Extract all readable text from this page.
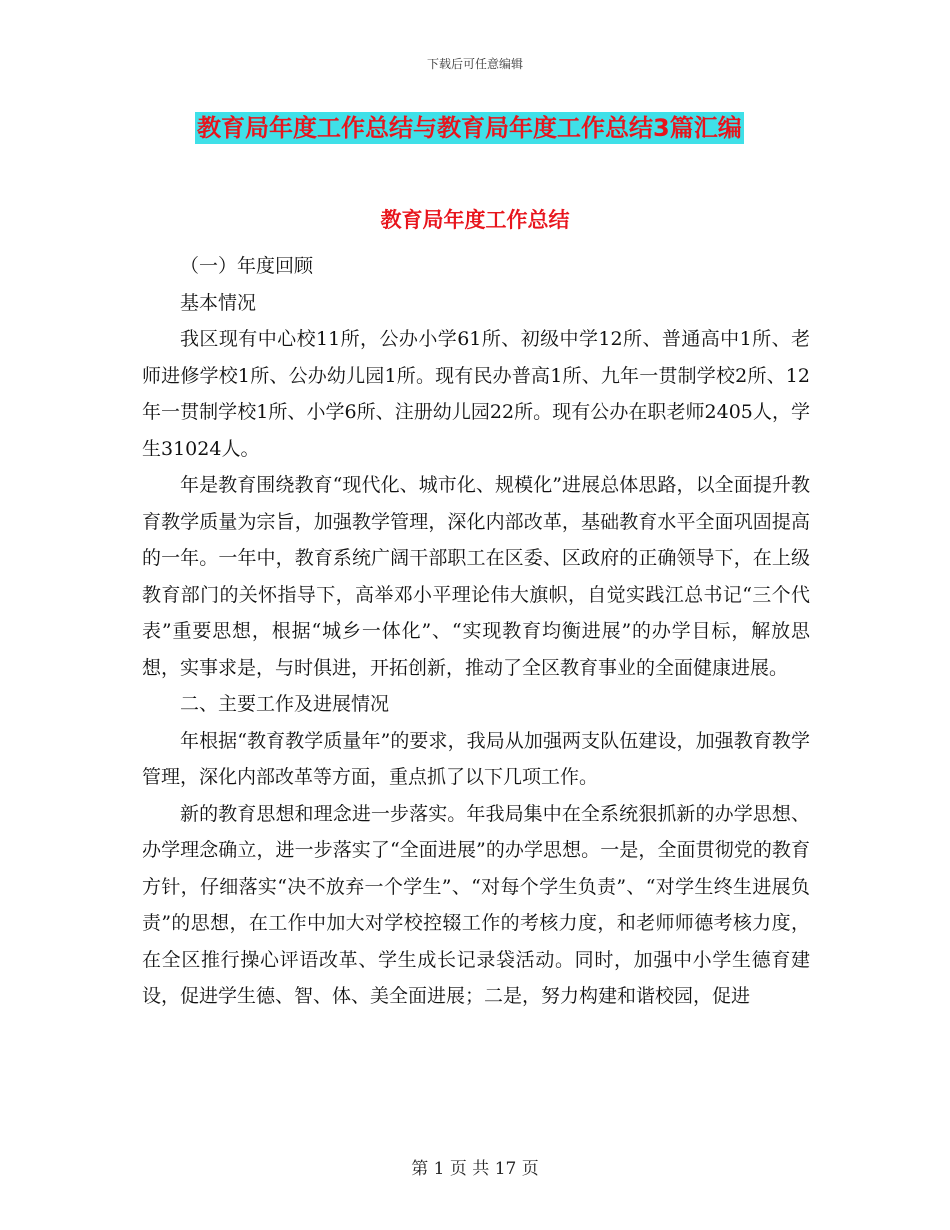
下载后可任意编辑
教育局年度工作总结与教育局年度工作总结3篇汇编
教育局年度工作总结

（一）年度回顾

基本情况

我区现有中心校11所，公办小学61所、初级中学12所、普通高中1所、老师进修学校1所、公办幼儿园1所。现有民办普高1所、九年一贯制学校2所、12年一贯制学校1所、小学6所、注册幼儿园22所。现有公办在职老师2405人，学生31024人。

年是教育围绕教育“现代化、城市化、规模化”进展总体思路，以全面提升教育教学质量为宗旨，加强教学管理，深化内部改革，基础教育水平全面巩固提高的一年。一年中，教育系统广阔干部职工在区委、区政府的正确领导下，在上级教育部门的关怀指导下，高举邓小平理论伟大旗帜，自觉实践江总书记“三个代表”重要思想，根据“城乡一体化”、“实现教育均衡进展”的办学目标，解放思想，实事求是，与时俱进，开拓创新，推动了全区教育事业的全面健康进展。

二、主要工作及进展情况

年根据“教育教学质量年”的要求，我局从加强两支队伍建设，加强教育教学管理，深化内部改革等方面，重点抓了以下几项工作。

新的教育思想和理念进一步落实。年我局集中在全系统狠抓新的办学思想、办学理念确立，进一步落实了“全面进展”的办学思想。一是，全面贯彻党的教育方针，仔细落实“决不放弃一个学生”、“对每个学生负责”、“对学生终生进展负责”的思想，在工作中加大对学校控辍工作的考核力度，和老师师德考核力度，在全区推行操心评语改革、学生成长记录袋活动。同时，加强中小学生德育建设，促进学生德、智、体、美全面进展；二是，努力构建和谐校园，促进

第 1 页 共 17 页
